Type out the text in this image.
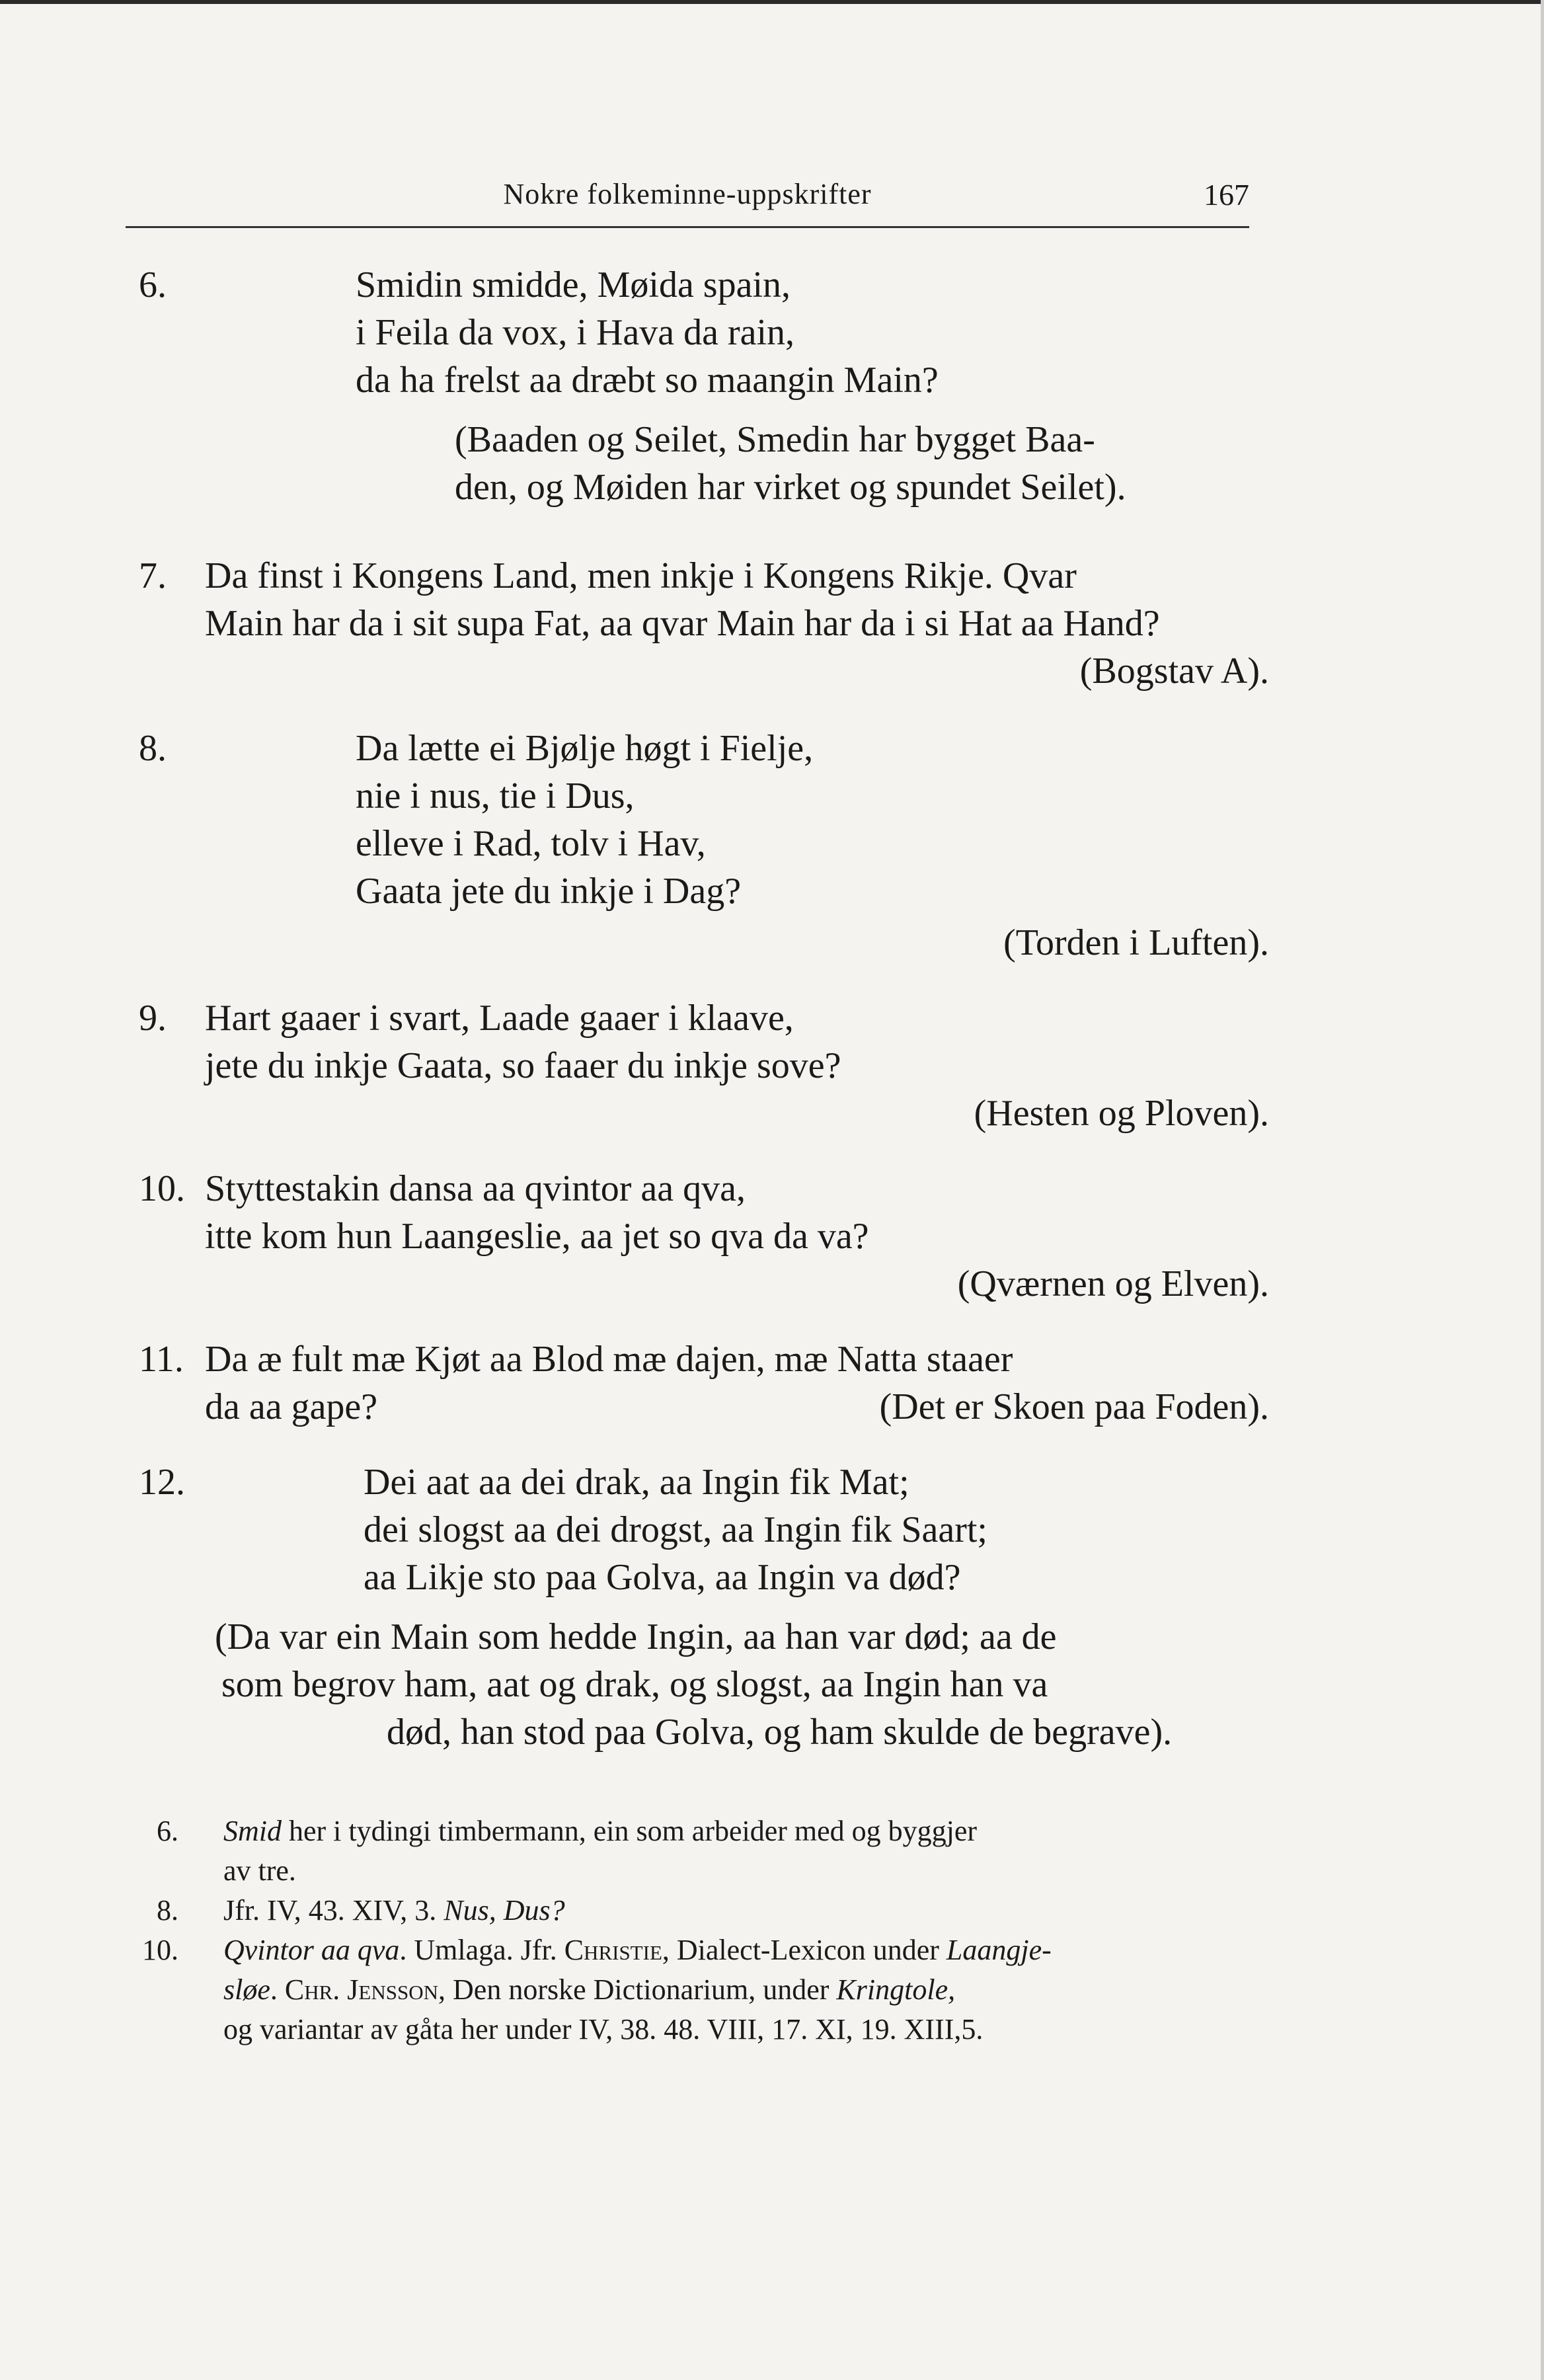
Nokre folkeminne-uppskrifter	167
6.	Smidin smidde, Møida spain,
i Feila da vox, i Hava da rain,
da ha frelst aa dræbt so maangin Main?
(Baaden og Seilet, Smedin har bygget Baa-
den, og Møiden har virket og spundet Seilet).
7.	Da finst i Kongens Land, men inkje i Kongens Rikje. Qvar
Main har da i sit supa Fat, aa qvar Main har da i si Hat aa Hand?
(Bogstav A).
8.	Da lætte ei Bjølje høgt i Fielje,
nie i nus, tie i Dus,
elleve i Rad, tolv i Hav,
Gaata jete du inkje i Dag?
(Torden i Luften).
9.	Hart gaaer i svart, Laade gaaer i klaave,
jete du inkje Gaata, so faaer du inkje sove?
(Hesten og Ploven).
10. Styttestakin dansa aa qvintor aa qva,
itte kom hun Laangeslie, aa jet so qva da va?
(Qværnen og Elven).
11. Da æ fult mæ Kjøt aa Blod mæ dajen, mæ Natta staaer
da aa gape?	(Det er Skoen paa Foden).
12.	Dei aat aa dei drak, aa Ingin fik Mat;
dei slogst aa dei drogst, aa Ingin fik Saart;
aa Likje sto paa Golva, aa Ingin va død?
(Da var ein Main som hedde Ingin, aa han var død; aa de
som begrov ham, aat og drak, og slogst, aa Ingin han va
død, han stod paa Golva, og ham skulde de begrave).
6. Smid her i tydingi timbermann, ein som arbeider med og byggjer
av tre.
8. Jfr. IV, 43. XIV, 3. Nus, Dus?
10. Qvintor aa qva. Umlaga. Jfr. Christie, Dialect-Lexicon under Laangje-
sløe. Chr. Jensson, Den norske Dictionarium, under Kringtole,
og variantar av gåta her under IV, 38. 48. VIII, 17. XI, 19. XIII,5.
